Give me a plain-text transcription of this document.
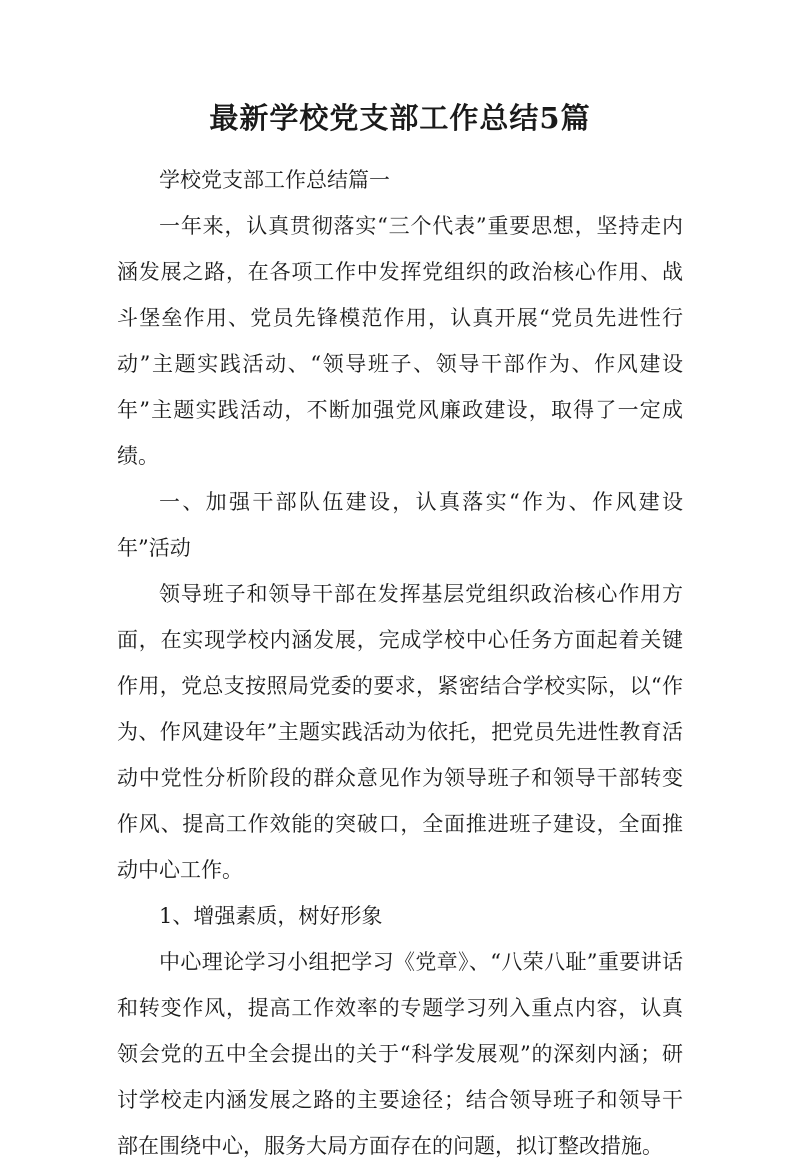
最新学校党支部工作总结5篇

学校党支部工作总结篇一

一年来，认真贯彻落实“三个代表”重要思想，坚持走内涵发展之路，在各项工作中发挥党组织的政治核心作用、战斗堡垒作用、党员先锋模范作用，认真开展“党员先进性行动”主题实践活动、“领导班子、领导干部作为、作风建设年”主题实践活动，不断加强党风廉政建设，取得了一定成绩。

一、加强干部队伍建设，认真落实“作为、作风建设年”活动

领导班子和领导干部在发挥基层党组织政治核心作用方面，在实现学校内涵发展，完成学校中心任务方面起着关键作用，党总支按照局党委的要求，紧密结合学校实际，以“作为、作风建设年”主题实践活动为依托，把党员先进性教育活动中党性分析阶段的群众意见作为领导班子和领导干部转变作风、提高工作效能的突破口，全面推进班子建设，全面推动中心工作。

1、增强素质，树好形象

中心理论学习小组把学习《党章》、“八荣八耻”重要讲话和转变作风，提高工作效率的专题学习列入重点内容，认真领会党的五中全会提出的关于“科学发展观”的深刻内涵；研讨学校走内涵发展之路的主要途径；结合领导班子和领导干部在围绕中心，服务大局方面存在的问题，拟订整改措施。
